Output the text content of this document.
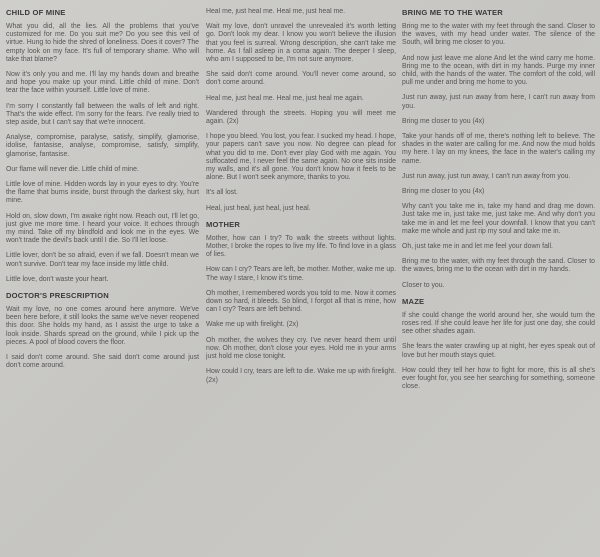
CHILD OF MINE

What you did, all the lies. All the problems that you've customized for me. Do you suit me? Do you see this veil of virtue. Hung to hide the shred of loneliness. Does it cover? The empty look on my face. It's full of temporary shame. Who will take that blame?

Now it's only you and me. I'll lay my hands down and breathe and hope you make up your mind. Little child of mine. Don't tear the face within yourself. Little love of mine.

I'm sorry I constantly fall between the walls of left and right. That's the wide effect. I'm sorry for the fears. I've really tried to step aside, but I can't say that we're innocent.

Analyse, compromise, paralyse, satisfy, simplify, glamorise, idolise, fantasise, analyse, compromise, satisfy, simplify, glamorise, fantasise.

Our flame will never die. Little child of mine.

Little love of mine. Hidden words lay in your eyes to dry. You're the flame that burns inside, burst through the darkest sky, hurt mine.

Hold on, slow down, I'm awake right now. Reach out, I'll let go, just give me more time. I heard your voice. It echoes through my mind. Take off my blindfold and look me in the eyes. We won't trade the devil's back until I die. So I'll let loose.

Little lover, don't be so afraid, even if we fall. Doesn't mean we won't survive. Don't tear my face inside my little child.

Little love, don't waste your heart.

DOCTOR'S PRESCRIPTION

Wait my love, no one comes around here anymore. We've been here before, it still looks the same we've never reopened this door. She holds my hand, as I assist the urge to take a look inside. Shards spread on the ground, while I pick up the pieces. A pool of blood covers the floor.

I said don't come around. She said don't come around just don't come around.

Heal me, just heal me. Heal me, just heal me.

Wait my love, don't unravel the unrevealed it's worth letting go. Don't look my dear. I know you won't believe the illusion that you feel is surreal. Wrong description, she can't take me home. As I fall asleep in a coma again. The deeper I sleep, who am I supposed to be, I'm not sure anymore.

She said don't come around. You'll never come around, so don't come around.

Heal me, just heal me. Heal me, just heal me again.

Wandered through the streets. Hoping you will meet me again. (2x)

I hope you bleed. You lost, you fear. I sucked my head. I hope, your papers can't save you now. No degree can plead for what you did to me. Don't ever play God with me again. You suffocated me, I never feel the same again. No one sits inside my walls, and it's all gone. You don't know how it feels to be alone. But I won't seek anymore, thanks to you.

It's all lost.

Heal, just heal, just heal, just heal.

MOTHER

Mother, how can I try? To walk the streets without lights. Mother, I broke the ropes to live my life. To find love in a glass of lies.

How can I cry? Tears are left, be mother. Mother, wake me up. The way I stare, I know it's time.

Oh mother, I remembered words you told to me. Now it comes down so hard, it bleeds. So blind, I forgot all that is mine, how can I cry? Tears are left behind.

Wake me up with firelight. (2x)

Oh mother, the wolves they cry. I've never heard them until now. Oh mother, don't close your eyes. Hold me in your arms just hold me close tonight.

How could I cry, tears are left to die. Wake me up with firelight. (2x)

BRING ME TO THE WATER

Bring me to the water with my feet through the sand. Closer to the waves, with my head under water. The silence of the South, will bring me closer to you.

And now just leave me alone And let the wind carry me home. Bring me to the ocean, with dirt in my hands. Purge my inner child, with the hands of the water. The comfort of the cold, will pull me under and bring me home to you.

Just run away, just run away from here, I can't run away from you.

Bring me closer to you (4x)

Take your hands off of me, there's nothing left to believe. The shades in the water are calling for me. And now the mud holds my here. I lay on my knees, the face in the water's calling my name.

Just run away, just run away, I can't run away from you.

Bring me closer to you (4x)

Why can't you take me in, take my hand and drag me down. Just take me in, just take me, just take me. And why don't you take me in and let me feel your downfall. I know that you can't make me whole and just rip my soul and take me in.

Oh, just take me in and let me feel your down fall.

Bring me to the water, with my feet through the sand. Closer to the waves, bring me to the ocean with dirt in my hands.

Closer to you.

MAZE

If she could change the world around her, she would turn the roses red. If she could leave her life for just one day, she could see other shades again.

She fears the water crawling up at night, her eyes speak out of love but her mouth stays quiet.

How could they tell her how to fight for more, this is all she's ever fought for, you see her searching for something, someone close.
